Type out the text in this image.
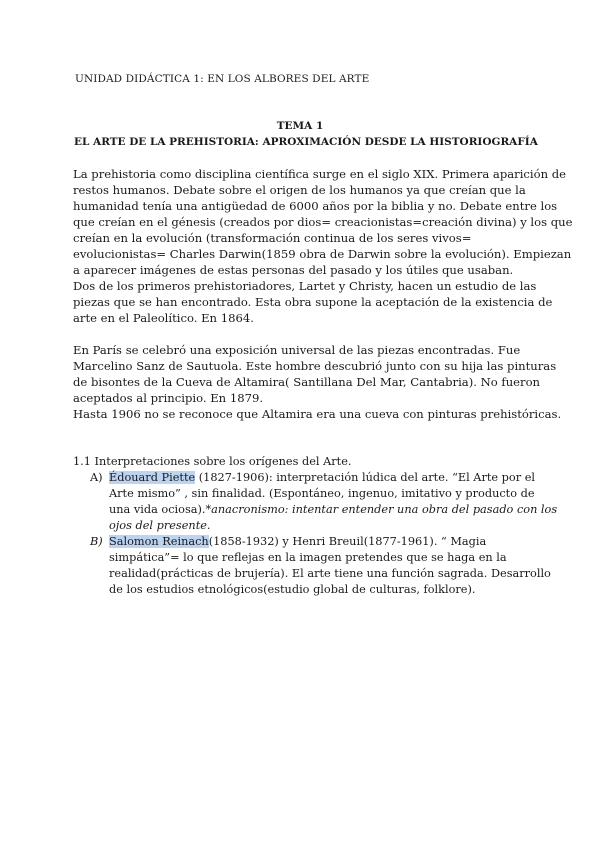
UNIDAD DIDÁCTICA 1: EN LOS ALBORES DEL ARTE
TEMA 1
EL ARTE DE LA PREHISTORIA: APROXIMACIÓN DESDE LA HISTORIOGRAFÍA
La prehistoria como disciplina científica surge en el siglo XIX. Primera aparición de
restos humanos. Debate sobre el origen de los humanos ya que creían que la
humanidad tenía una antigüedad de 6000 años por la biblia y no. Debate entre los
que creían en el génesis (creados por dios= creacionistas=creación divina) y los que
creían en la evolución (transformación continua de los seres vivos=
evolucionistas= Charles Darwin(1859 obra de Darwin sobre la evolución). Empiezan
a aparecer imágenes de estas personas del pasado y los útiles que usaban.
Dos de los primeros prehistoriadores, Lartet y Christy, hacen un estudio de las
piezas que se han encontrado. Esta obra supone la aceptación de la existencia de
arte en el Paleolítico. En 1864.
En París se celebró una exposición universal de las piezas encontradas. Fue
Marcelino Sanz de Sautuola. Este hombre descubrió junto con su hija las pinturas
de bisontes de la Cueva de Altamira( Santillana Del Mar, Cantabria). No fueron
aceptados al principio. En 1879.
Hasta 1906 no se reconoce que Altamira era una cueva con pinturas prehistóricas.
1.1 Interpretaciones sobre los orígenes del Arte.
A) Édouard Piette (1827-1906): interpretación lúdica del arte. “El Arte por el
Arte mismo” , sin finalidad. (Espontáneo, ingenuo, imitativo y producto de
una vida ociosa).*anacronismo: intentar entender una obra del pasado con los
ojos del presente.
B) Salomon Reinach(1858-1932) y Henri Breuil(1877-1961). “ Magia
simpática”= lo que reflejas en la imagen pretendes que se haga en la
realidad(prácticas de brujería). El arte tiene una función sagrada. Desarrollo
de los estudios etnológicos(estudio global de culturas, folklore).
